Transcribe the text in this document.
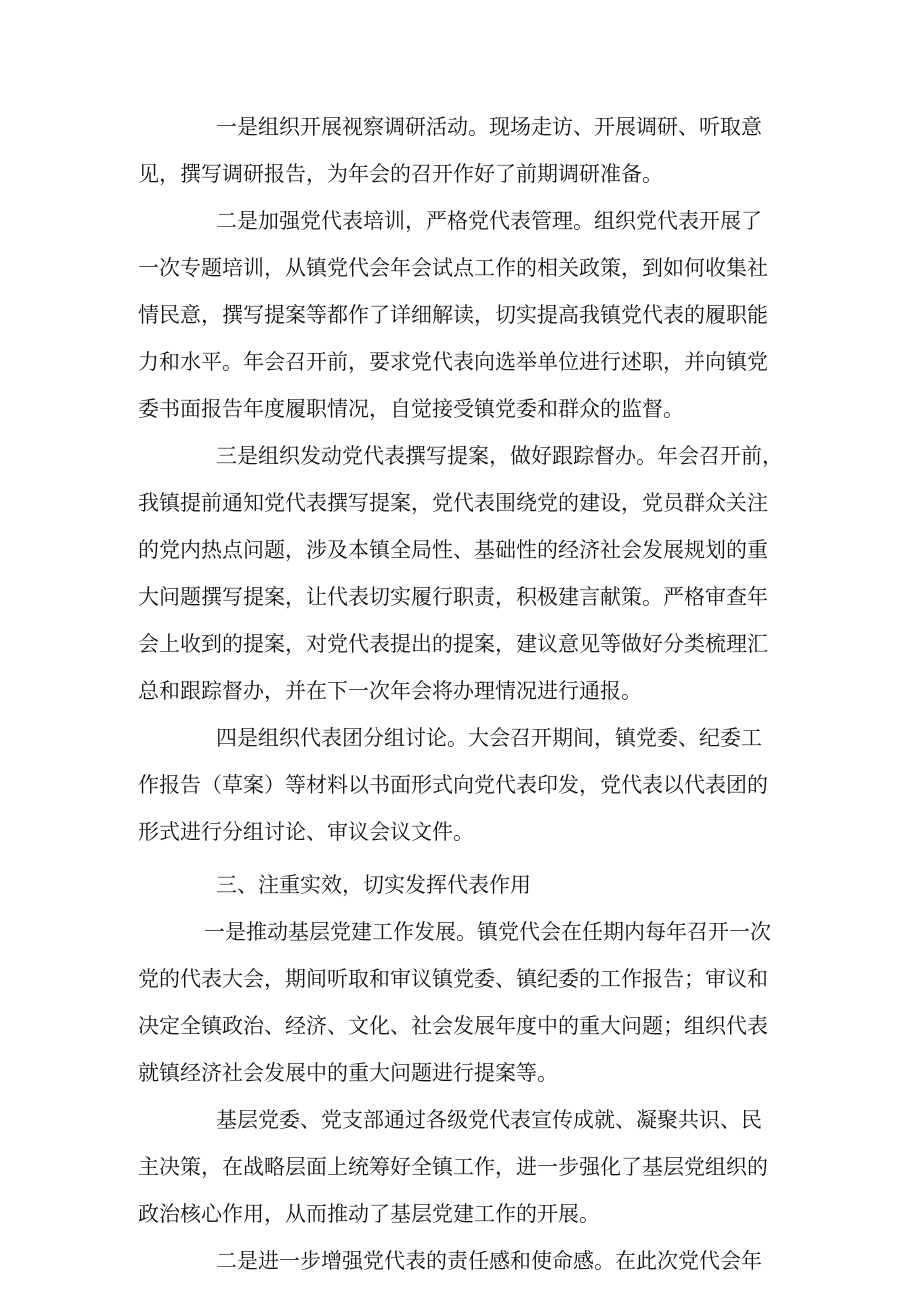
一是组织开展视察调研活动。现场走访、开展调研、听取意
见，撰写调研报告，为年会的召开作好了前期调研准备。
二是加强党代表培训，严格党代表管理。组织党代表开展了
一次专题培训，从镇党代会年会试点工作的相关政策，到如何收集社
情民意，撰写提案等都作了详细解读，切实提高我镇党代表的履职能
力和水平。年会召开前，要求党代表向选举单位进行述职，并向镇党
委书面报告年度履职情况，自觉接受镇党委和群众的监督。
三是组织发动党代表撰写提案，做好跟踪督办。年会召开前，
我镇提前通知党代表撰写提案，党代表围绕党的建设，党员群众关注
的党内热点问题，涉及本镇全局性、基础性的经济社会发展规划的重
大问题撰写提案，让代表切实履行职责，积极建言献策。严格审查年
会上收到的提案，对党代表提出的提案，建议意见等做好分类梳理汇
总和跟踪督办，并在下一次年会将办理情况进行通报。
四是组织代表团分组讨论。大会召开期间，镇党委、纪委工
作报告（草案）等材料以书面形式向党代表印发，党代表以代表团的
形式进行分组讨论、审议会议文件。
三、注重实效，切实发挥代表作用
一是推动基层党建工作发展。镇党代会在任期内每年召开一次
党的代表大会，期间听取和审议镇党委、镇纪委的工作报告；审议和
决定全镇政治、经济、文化、社会发展年度中的重大问题；组织代表
就镇经济社会发展中的重大问题进行提案等。
基层党委、党支部通过各级党代表宣传成就、凝聚共识、民
主决策，在战略层面上统筹好全镇工作，进一步强化了基层党组织的
政治核心作用，从而推动了基层党建工作的开展。
二是进一步增强党代表的责任感和使命感。在此次党代会年
